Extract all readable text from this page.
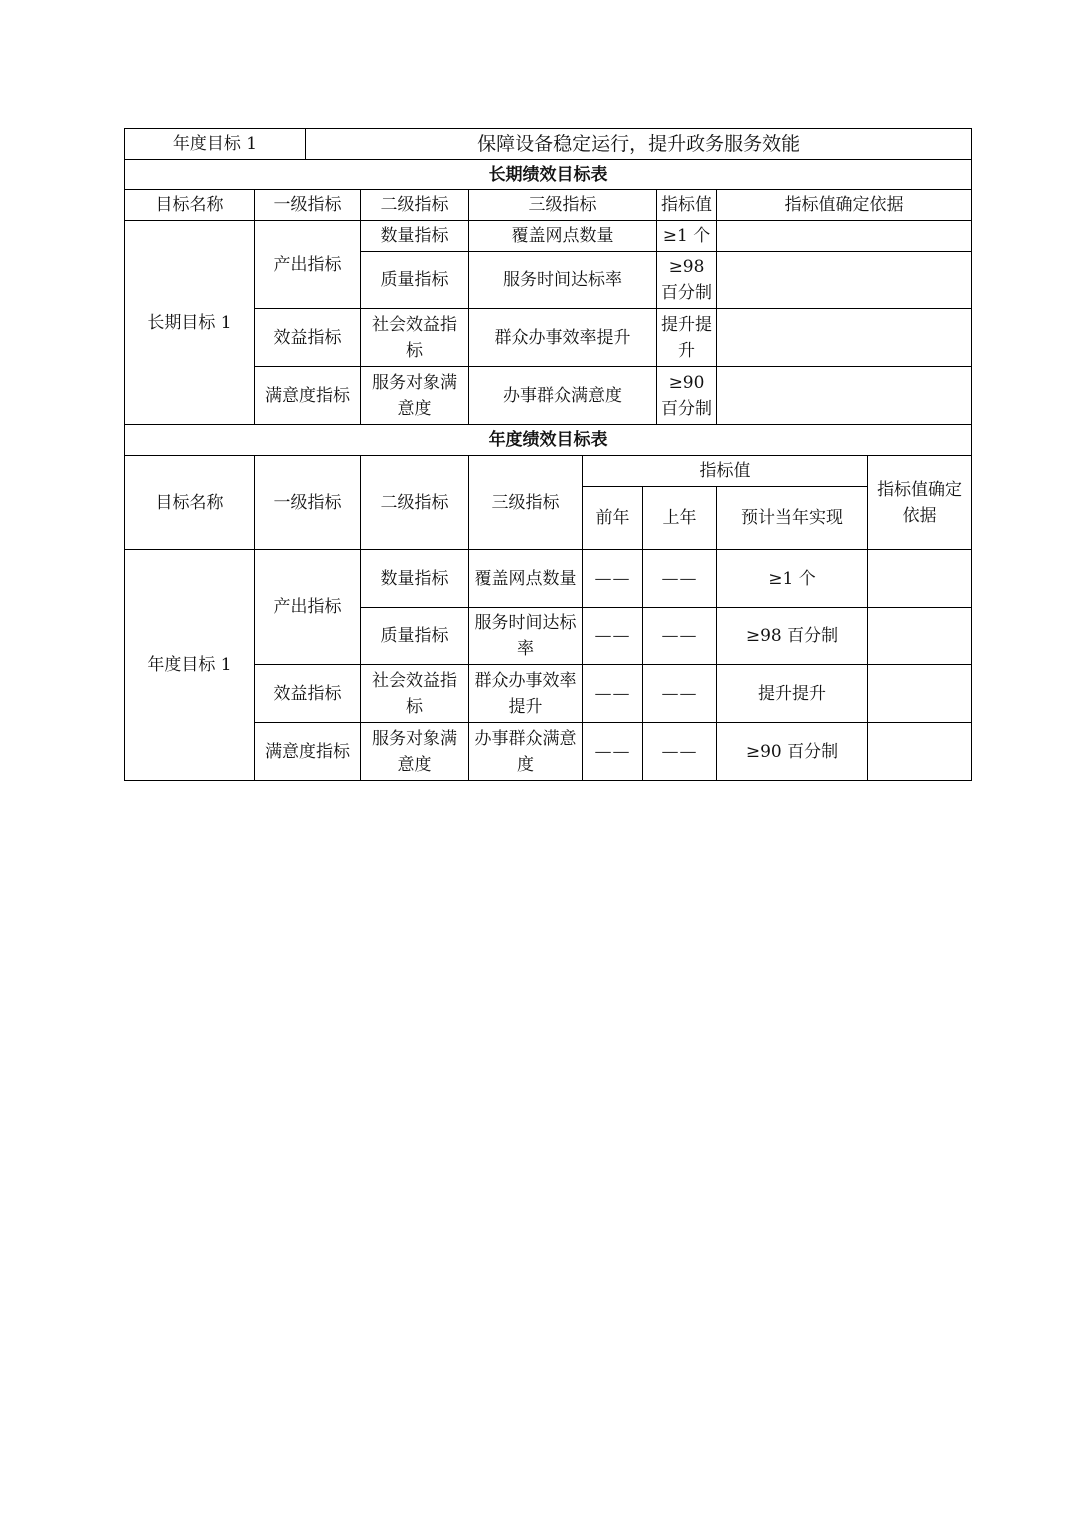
年度目标 1		保障设备稳定运行，提升政务服务效能							
长期绩效目标表									
目标名称	一级指标		二级指标	三级指标			指标值	指标值确定依据	
长期目标 1	产出指标		数量指标	覆盖网点数量			≥1 个		
			质量指标	服务时间达标率			≥98 百分制		
	效益指标		社会效益指标	群众办事效率提升			提升提升		
	满意度指标		服务对象满意度	办事群众满意度			≥90 百分制		
年度绩效目标表									
目标名称	一级指标		二级指标	三级指标	指标值				指标值确定依据
					前年	上年		预计当年实现	
年度目标 1	产出指标		数量指标	覆盖网点数量	——	——		≥1 个	
			质量指标	服务时间达标率	——	——		≥98 百分制	
	效益指标		社会效益指标	群众办事效率提升	——	——		提升提升	
	满意度指标		服务对象满意度	办事群众满意度	——	——		≥90 百分制	
